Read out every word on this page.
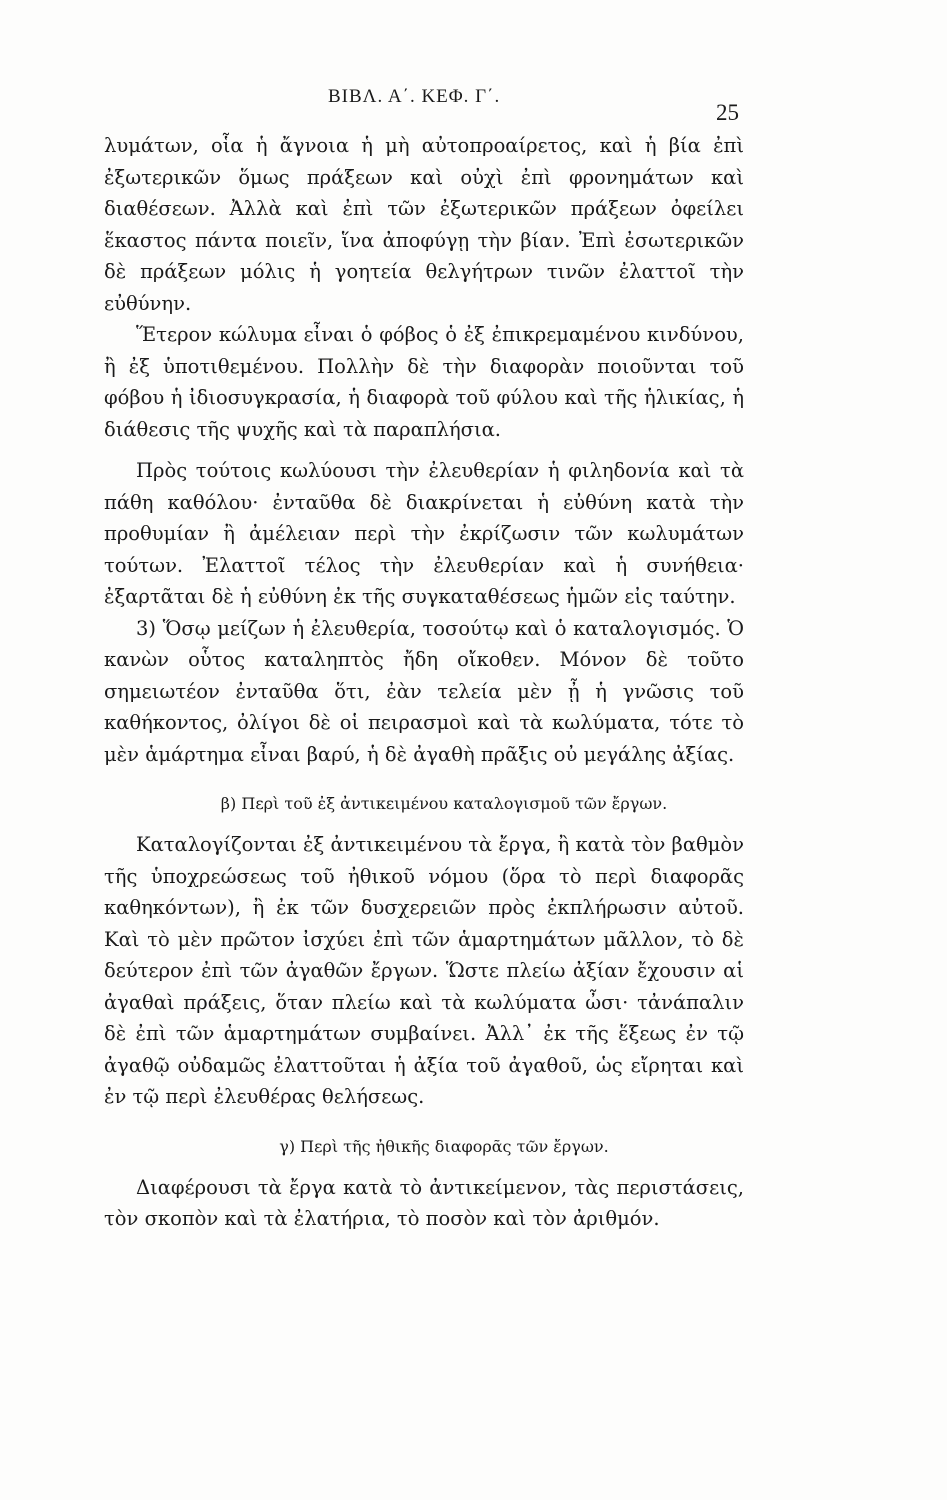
ΒΙΒΛ. Α΄. ΚΕΦ. Γ΄.
25

λυμάτων, οἷα ἡ ἄγνοια ἡ μὴ αὐτοπροαίρετος, καὶ ἡ βία ἐπὶ ἐξωτερικῶν ὅμως πράξεων καὶ οὐχὶ ἐπὶ φρονημάτων καὶ διαθέσεων. Ἀλλὰ καὶ ἐπὶ τῶν ἐξωτερικῶν πράξεων ὀφείλει ἕκαστος πάντα ποιεῖν, ἵνα ἀποφύγῃ τὴν βίαν. Ἐπὶ ἐσωτερικῶν δὲ πράξεων μόλις ἡ γοητεία θελγήτρων τινῶν ἐλαττοῖ τὴν εὐθύνην.

Ἕτερον κώλυμα εἶναι ὁ φόβος ὁ ἐξ ἐπικρεμαμένου κινδύνου, ἢ ἐξ ὑποτιθεμένου. Πολλὴν δὲ τὴν διαφορὰν ποιοῦνται τοῦ φόβου ἡ ἰδιοσυγκρασία, ἡ διαφορὰ τοῦ φύλου καὶ τῆς ἡλικίας, ἡ διάθεσις τῆς ψυχῆς καὶ τὰ παραπλήσια.

Πρὸς τούτοις κωλύουσι τὴν ἐλευθερίαν ἡ φιληδονία καὶ τὰ πάθη καθόλου· ἐνταῦθα δὲ διακρίνεται ἡ εὐθύνη κατὰ τὴν προθυμίαν ἢ ἀμέλειαν περὶ τὴν ἐκρίζωσιν τῶν κωλυμάτων τούτων. Ἐλαττοῖ τέλος τὴν ἐλευθερίαν καὶ ἡ συνήθεια· ἐξαρτᾶται δὲ ἡ εὐθύνη ἐκ τῆς συγκαταθέσεως ἡμῶν εἰς ταύτην.

3) Ὅσῳ μείζων ἡ ἐλευθερία, τοσούτῳ καὶ ὁ καταλογισμός. Ὁ κανὼν οὗτος καταληπτὸς ἤδη οἴκοθεν. Μόνον δὲ τοῦτο σημειωτέον ἐνταῦθα ὅτι, ἐὰν τελεία μὲν ᾖ ἡ γνῶσις τοῦ καθήκοντος, ὀλίγοι δὲ οἱ πειρασμοὶ καὶ τὰ κωλύματα, τότε τὸ μὲν ἁμάρτημα εἶναι βαρύ, ἡ δὲ ἀγαθὴ πρᾶξις οὐ μεγάλης ἀξίας.

β) Περὶ τοῦ ἐξ ἀντικειμένου καταλογισμοῦ τῶν ἔργων.

Καταλογίζονται ἐξ ἀντικειμένου τὰ ἔργα, ἢ κατὰ τὸν βαθμὸν τῆς ὑποχρεώσεως τοῦ ἠθικοῦ νόμου (ὅρα τὸ περὶ διαφορᾶς καθηκόντων), ἢ ἐκ τῶν δυσχερειῶν πρὸς ἐκπλήρωσιν αὐτοῦ. Καὶ τὸ μὲν πρῶτον ἰσχύει ἐπὶ τῶν ἁμαρτημάτων μᾶλλον, τὸ δὲ δεύτερον ἐπὶ τῶν ἀγαθῶν ἔργων. Ὥστε πλείω ἀξίαν ἔχουσιν αἱ ἀγαθαὶ πράξεις, ὅταν πλείω καὶ τὰ κωλύματα ὦσι· τἀνάπαλιν δὲ ἐπὶ τῶν ἁμαρτημάτων συμβαίνει. Ἀλλ᾽ ἐκ τῆς ἕξεως ἐν τῷ ἀγαθῷ οὐδαμῶς ἐλαττοῦται ἡ ἀξία τοῦ ἀγαθοῦ, ὡς εἴρηται καὶ ἐν τῷ περὶ ἐλευθέρας θελήσεως.

γ) Περὶ τῆς ἠθικῆς διαφορᾶς τῶν ἔργων.

Διαφέρουσι τὰ ἔργα κατὰ τὸ ἀντικείμενον, τὰς περιστάσεις, τὸν σκοπὸν καὶ τὰ ἐλατήρια, τὸ ποσὸν καὶ τὸν ἀριθμόν.
